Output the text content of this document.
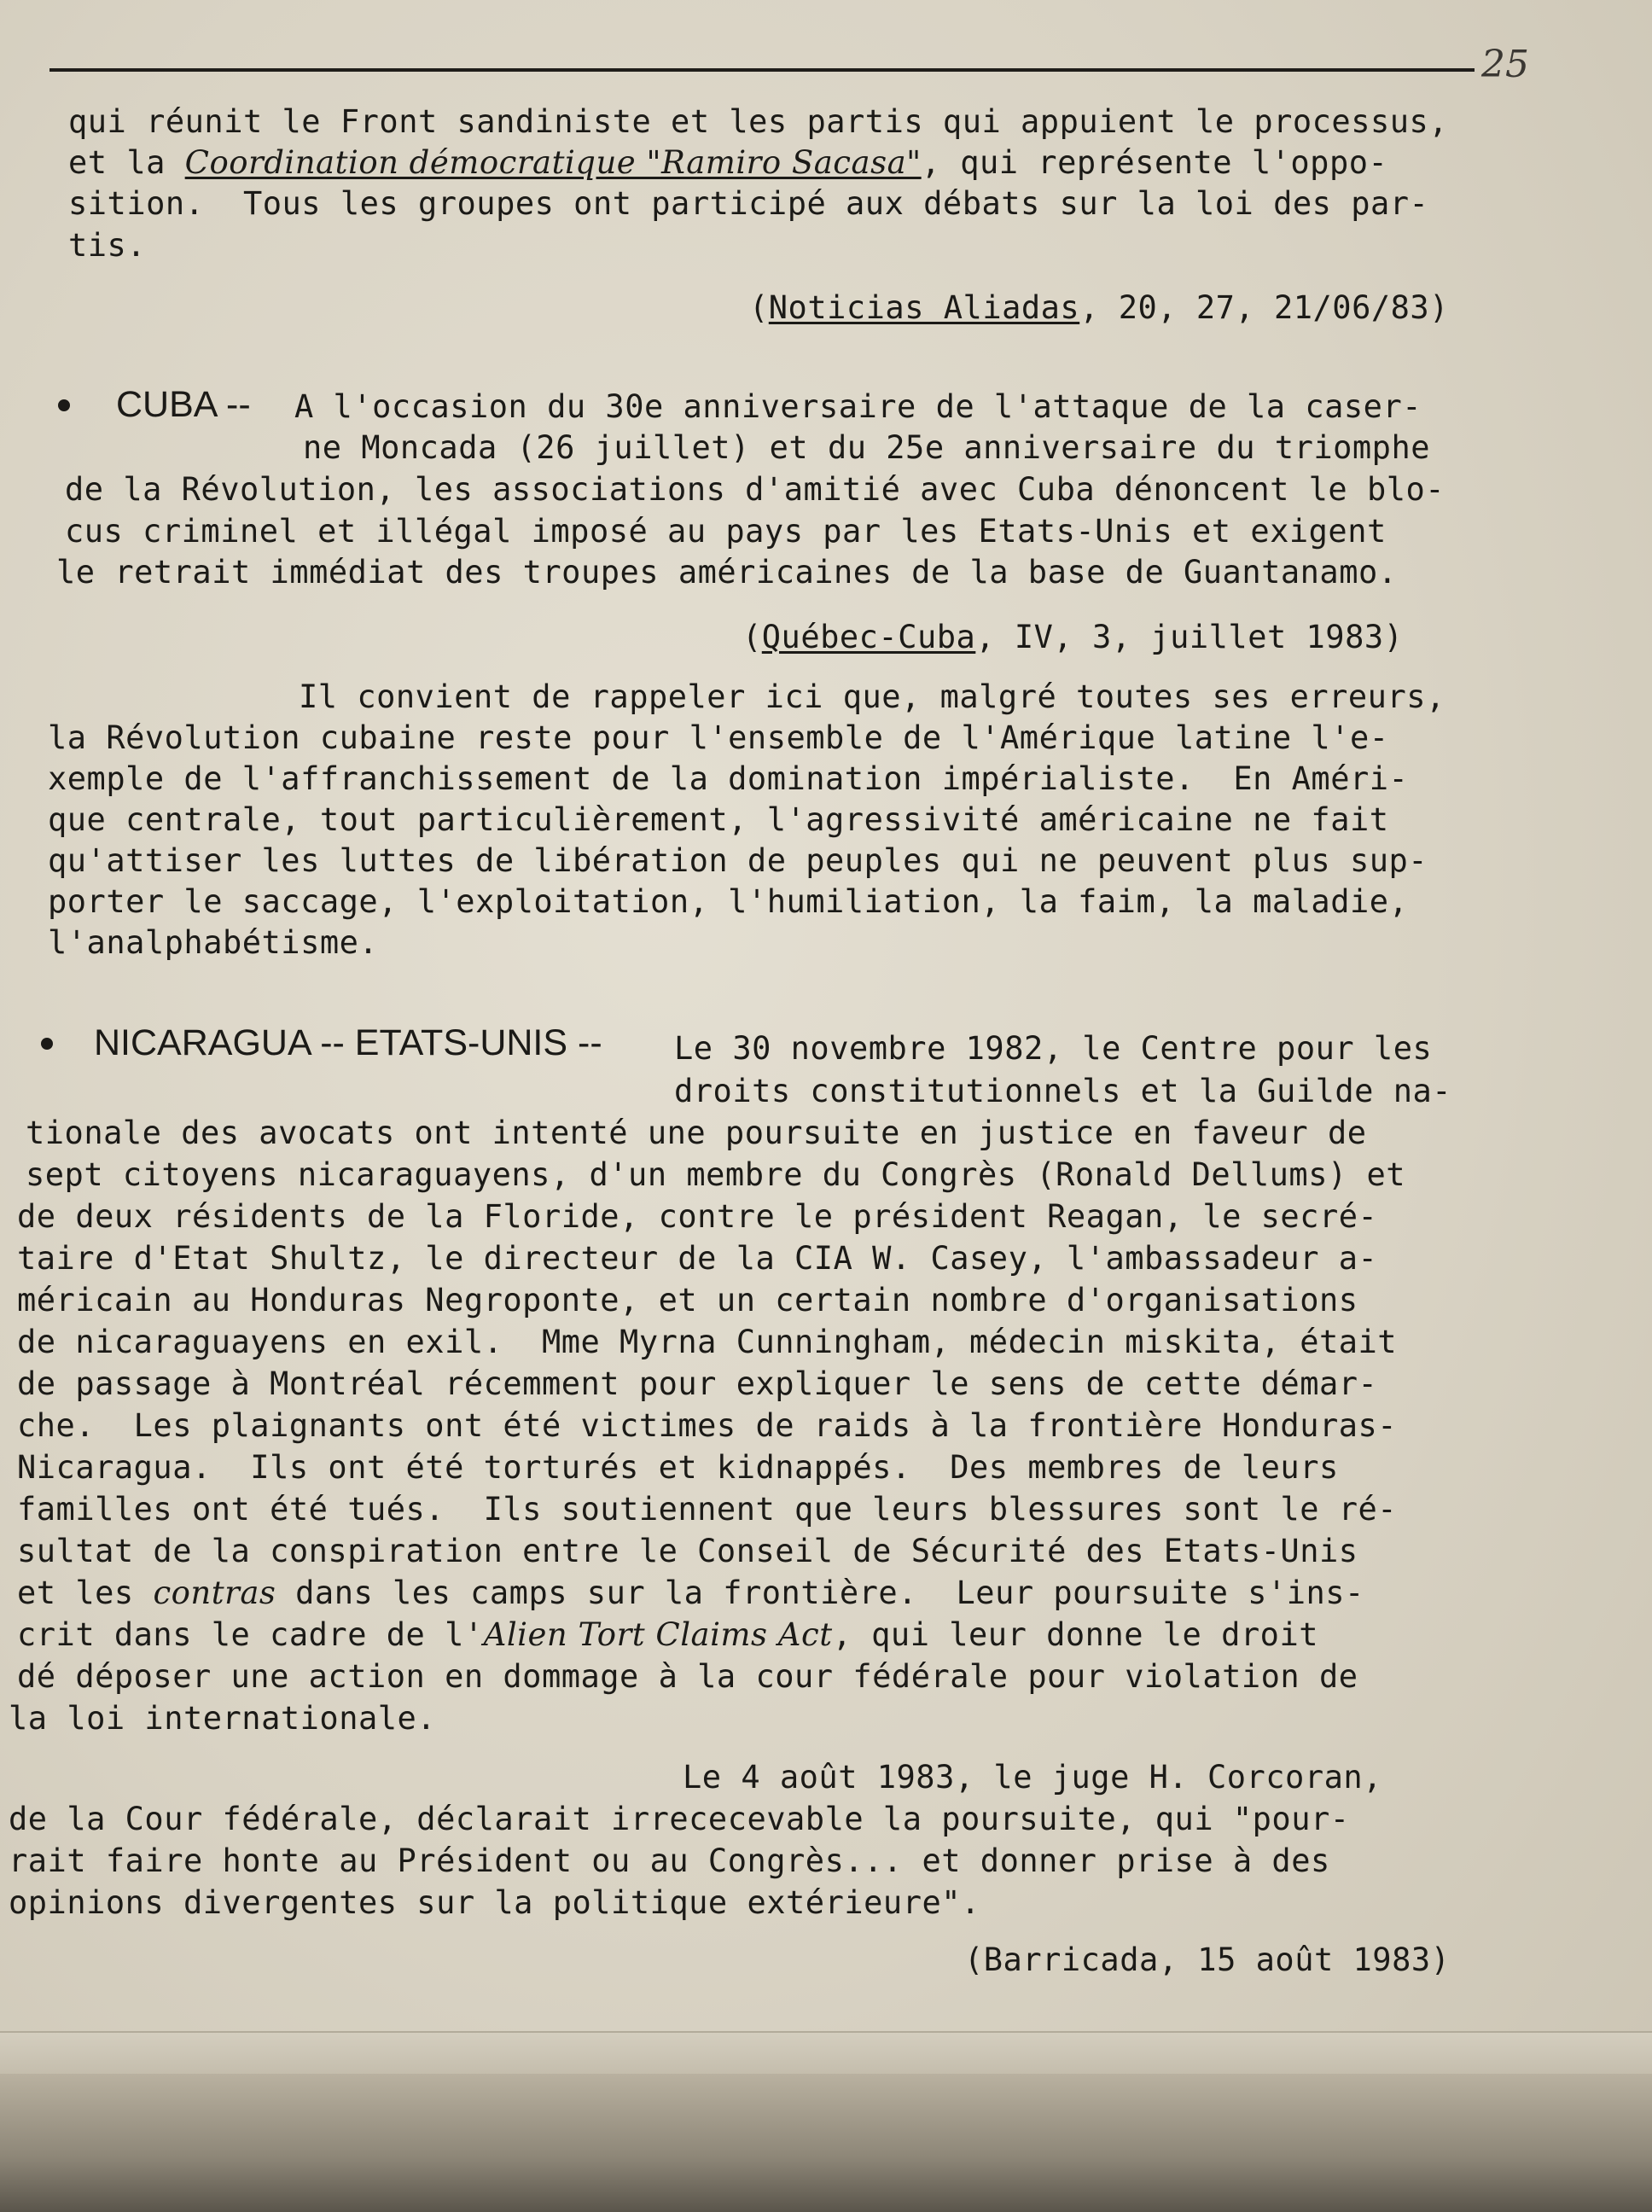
25

qui réunit le Front sandiniste et les partis qui appuient le processus,

et la Coordination démocratique "Ramiro Sacasa", qui représente l'oppo-

sition.  Tous les groupes ont participé aux débats sur la loi des par-

tis.

(Noticias Aliadas, 20, 27, 21/06/83)

CUBA -- A l'occasion du 30e anniversaire de l'attaque de la caser-

ne Moncada (26 juillet) et du 25e anniversaire du triomphe

de la Révolution, les associations d'amitié avec Cuba dénoncent le blo-

cus criminel et illégal imposé au pays par les Etats-Unis et exigent

le retrait immédiat des troupes américaines de la base de Guantanamo.

(Québec-Cuba, IV, 3, juillet 1983)

Il convient de rappeler ici que, malgré toutes ses erreurs,

la Révolution cubaine reste pour l'ensemble de l'Amérique latine l'e-

xemple de l'affranchissement de la domination impérialiste.  En Améri-

que centrale, tout particulièrement, l'agressivité américaine ne fait

qu'attiser les luttes de libération de peuples qui ne peuvent plus sup-

porter le saccage, l'exploitation, l'humiliation, la faim, la maladie,

l'analphabétisme.

NICARAGUA -- ETATS-UNIS -- Le 30 novembre 1982, le Centre pour les

droits constitutionnels et la Guilde na-

tionale des avocats ont intenté une poursuite en justice en faveur de

sept citoyens nicaraguayens, d'un membre du Congrès (Ronald Dellums) et

de deux résidents de la Floride, contre le président Reagan, le secré-

taire d'Etat Shultz, le directeur de la CIA W. Casey, l'ambassadeur a-

méricain au Honduras Negroponte, et un certain nombre d'organisations

de nicaraguayens en exil.  Mme Myrna Cunningham, médecin miskita, était

de passage à Montréal récemment pour expliquer le sens de cette démar-

che.  Les plaignants ont été victimes de raids à la frontière Honduras-

Nicaragua.  Ils ont été torturés et kidnappés.  Des membres de leurs

familles ont été tués.  Ils soutiennent que leurs blessures sont le ré-

sultat de la conspiration entre le Conseil de Sécurité des Etats-Unis

et les contras dans les camps sur la frontière.  Leur poursuite s'ins-

crit dans le cadre de l'Alien Tort Claims Act, qui leur donne le droit

dé déposer une action en dommage à la cour fédérale pour violation de

la loi internationale.

Le 4 août 1983, le juge H. Corcoran,

de la Cour fédérale, déclarait irrececevable la poursuite, qui "pour-

rait faire honte au Président ou au Congrès... et donner prise à des

opinions divergentes sur la politique extérieure".

(Barricada, 15 août 1983)
